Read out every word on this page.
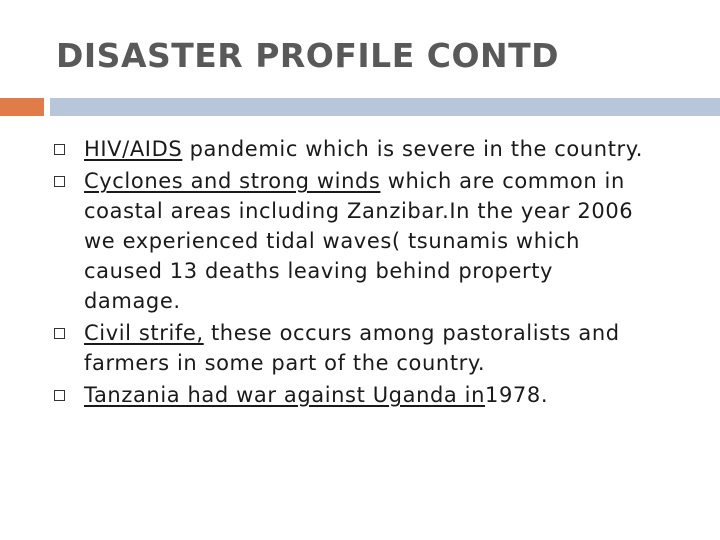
DISASTER PROFILE CONTD
HIV/AIDS pandemic which is severe in the country.
Cyclones and strong winds which are common in coastal areas including Zanzibar.In the year 2006 we experienced tidal waves( tsunamis which caused 13 deaths leaving behind property damage.
Civil strife, these occurs among pastoralists and farmers in some part of the country.
Tanzania had war against Uganda in1978.
